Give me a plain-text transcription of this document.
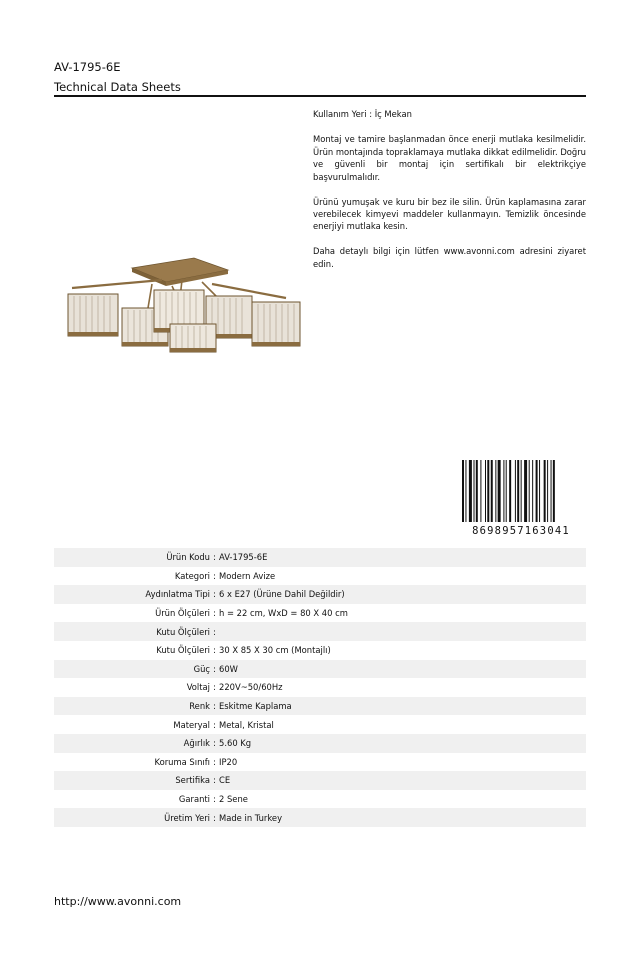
AV-1795-6E
Technical Data Sheets

Kullanım Yeri : İç Mekan

Montaj ve tamire başlanmadan önce enerji mutlaka kesilmelidir. Ürün montajında topraklamaya mutlaka dikkat edilmelidir. Doğru ve güvenli bir montaj için sertifikalı bir elektrikçiye başvurulmalıdır.

Ürünü yumuşak ve kuru bir bez ile silin. Ürün kaplamasına zarar verebilecek kimyevi maddeler kullanmayın. Temizlik öncesinde enerjiyi mutlaka kesin.

Daha detaylı bilgi için lütfen www.avonni.com adresini ziyaret edin.

8698957163041
Ürün Kodu : AV-1795-6E
Kategori : Modern Avize
Aydınlatma Tipi : 6 x E27 (Ürüne Dahil Değildir)
Ürün Ölçüleri : h = 22 cm, WxD = 80 X 40 cm
Kutu Ölçüleri :
Kutu Ölçüleri : 30 X 85 X 30 cm (Montajlı)
Güç : 60W
Voltaj : 220V~50/60Hz
Renk : Eskitme Kaplama
Materyal : Metal, Kristal
Ağırlık : 5.60 Kg
Koruma Sınıfı : IP20
Sertifika : CE
Garanti : 2 Sene
Üretim Yeri : Made in Turkey
http://www.avonni.com
